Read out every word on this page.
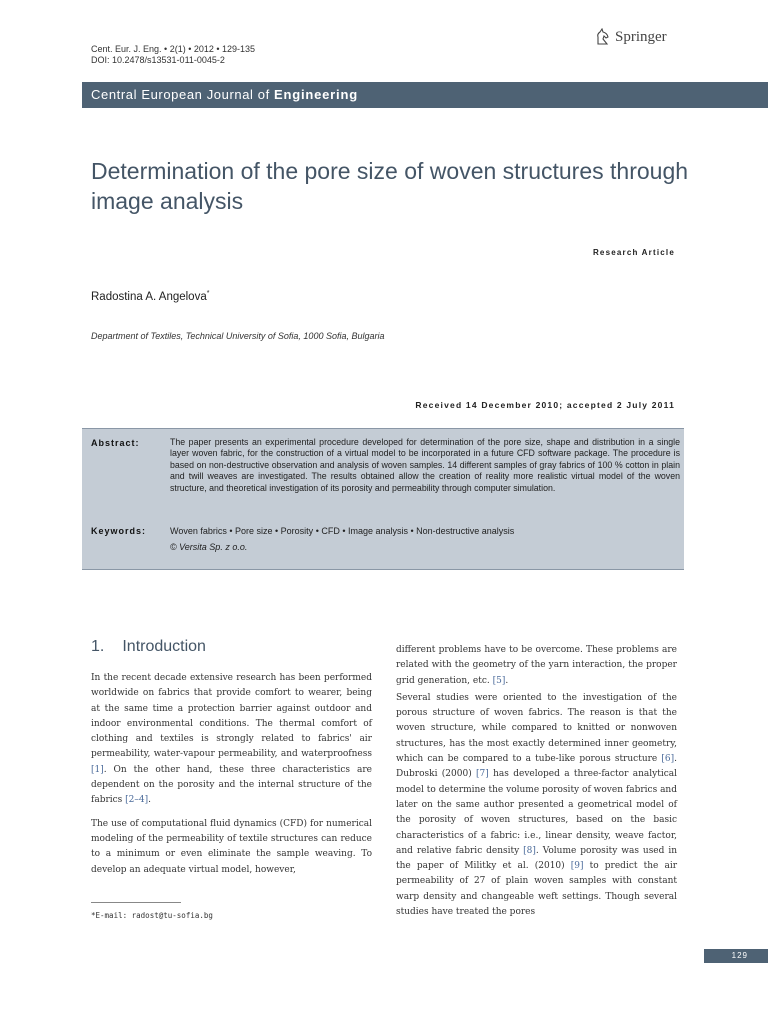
Cent. Eur. J. Eng. • 2(1) • 2012 • 129-135
DOI: 10.2478/s13531-011-0045-2
Springer
Central European Journal of Engineering
Determination of the pore size of woven structures through image analysis
Research Article
Radostina A. Angelova*
Department of Textiles, Technical University of Sofia, 1000 Sofia, Bulgaria
Received 14 December 2010; accepted 2 July 2011
Abstract:	The paper presents an experimental procedure developed for determination of the pore size, shape and distribution in a single layer woven fabric, for the construction of a virtual model to be incorporated in a future CFD software package. The procedure is based on non-destructive observation and analysis of woven samples. 14 different samples of gray fabrics of 100 % cotton in plain and twill weaves are investigated. The results obtained allow the creation of reality more realistic virtual model of the woven structure, and theoretical investigation of its porosity and permeability through computer simulation.
Keywords:	Woven fabrics • Pore size • Porosity • CFD • Image analysis • Non-destructive analysis
© Versita Sp. z o.o.
1. Introduction

In the recent decade extensive research has been performed worldwide on fabrics that provide comfort to wearer, being at the same time a protection barrier against outdoor and indoor environmental conditions. The thermal comfort of clothing and textiles is strongly related to fabrics' air permeability, water-vapour permeability, and waterproofness [1]. On the other hand, these three characteristics are dependent on the porosity and the internal structure of the fabrics [2–4].

The use of computational fluid dynamics (CFD) for numerical modeling of the permeability of textile structures can reduce to a minimum or even eliminate the sample weaving. To develop an adequate virtual model, however,

different problems have to be overcome. These problems are related with the geometry of the yarn interaction, the proper grid generation, etc. [5].

Several studies were oriented to the investigation of the porous structure of woven fabrics. The reason is that the woven structure, while compared to knitted or nonwoven structures, has the most exactly determined inner geometry, which can be compared to a tube-like porous structure [6]. Dubroski (2000) [7] has developed a three-factor analytical model to determine the volume porosity of woven fabrics and later on the same author presented a geometrical model of the porosity of woven structures, based on the basic characteristics of a fabric: i.e., linear density, weave factor, and relative fabric density [8]. Volume porosity was used in the paper of Militky et al. (2010) [9] to predict the air permeability of 27 of plain woven samples with constant warp density and changeable weft settings. Though several studies have treated the pores

*E-mail: radost@tu-sofia.bg
129
